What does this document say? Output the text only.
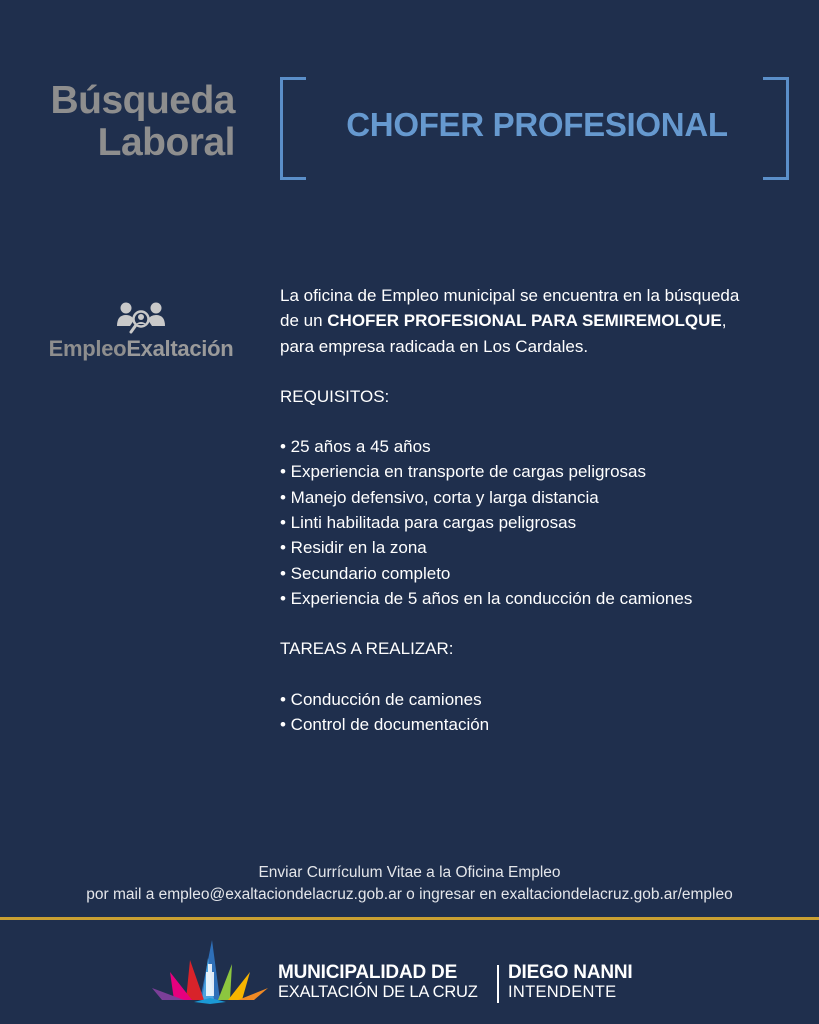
Búsqueda
Laboral	CHOFER PROFESIONAL
EmpleoExaltación

La oficina de Empleo municipal se encuentra en la búsqueda

de un CHOFER PROFESIONAL PARA SEMIREMOLQUE,

para empresa radicada en Los Cardales.

REQUISITOS:

• 25 años a 45 años

• Experiencia en transporte de cargas peligrosas

• Manejo defensivo, corta y larga distancia

• Linti habilitada para cargas peligrosas

• Residir en la zona

• Secundario completo

• Experiencia de 5 años en la conducción de camiones

TAREAS A REALIZAR:

• Conducción de camiones

• Control de documentación

Enviar Currículum Vitae a la Oficina Empleo
por mail a empleo@exaltaciondelacruz.gob.ar o ingresar en exaltaciondelacruz.gob.ar/empleo
MUNICIPALIDAD DE
EXALTACIÓN DE LA CRUZ
DIEGO NANNI
INTENDENTE
